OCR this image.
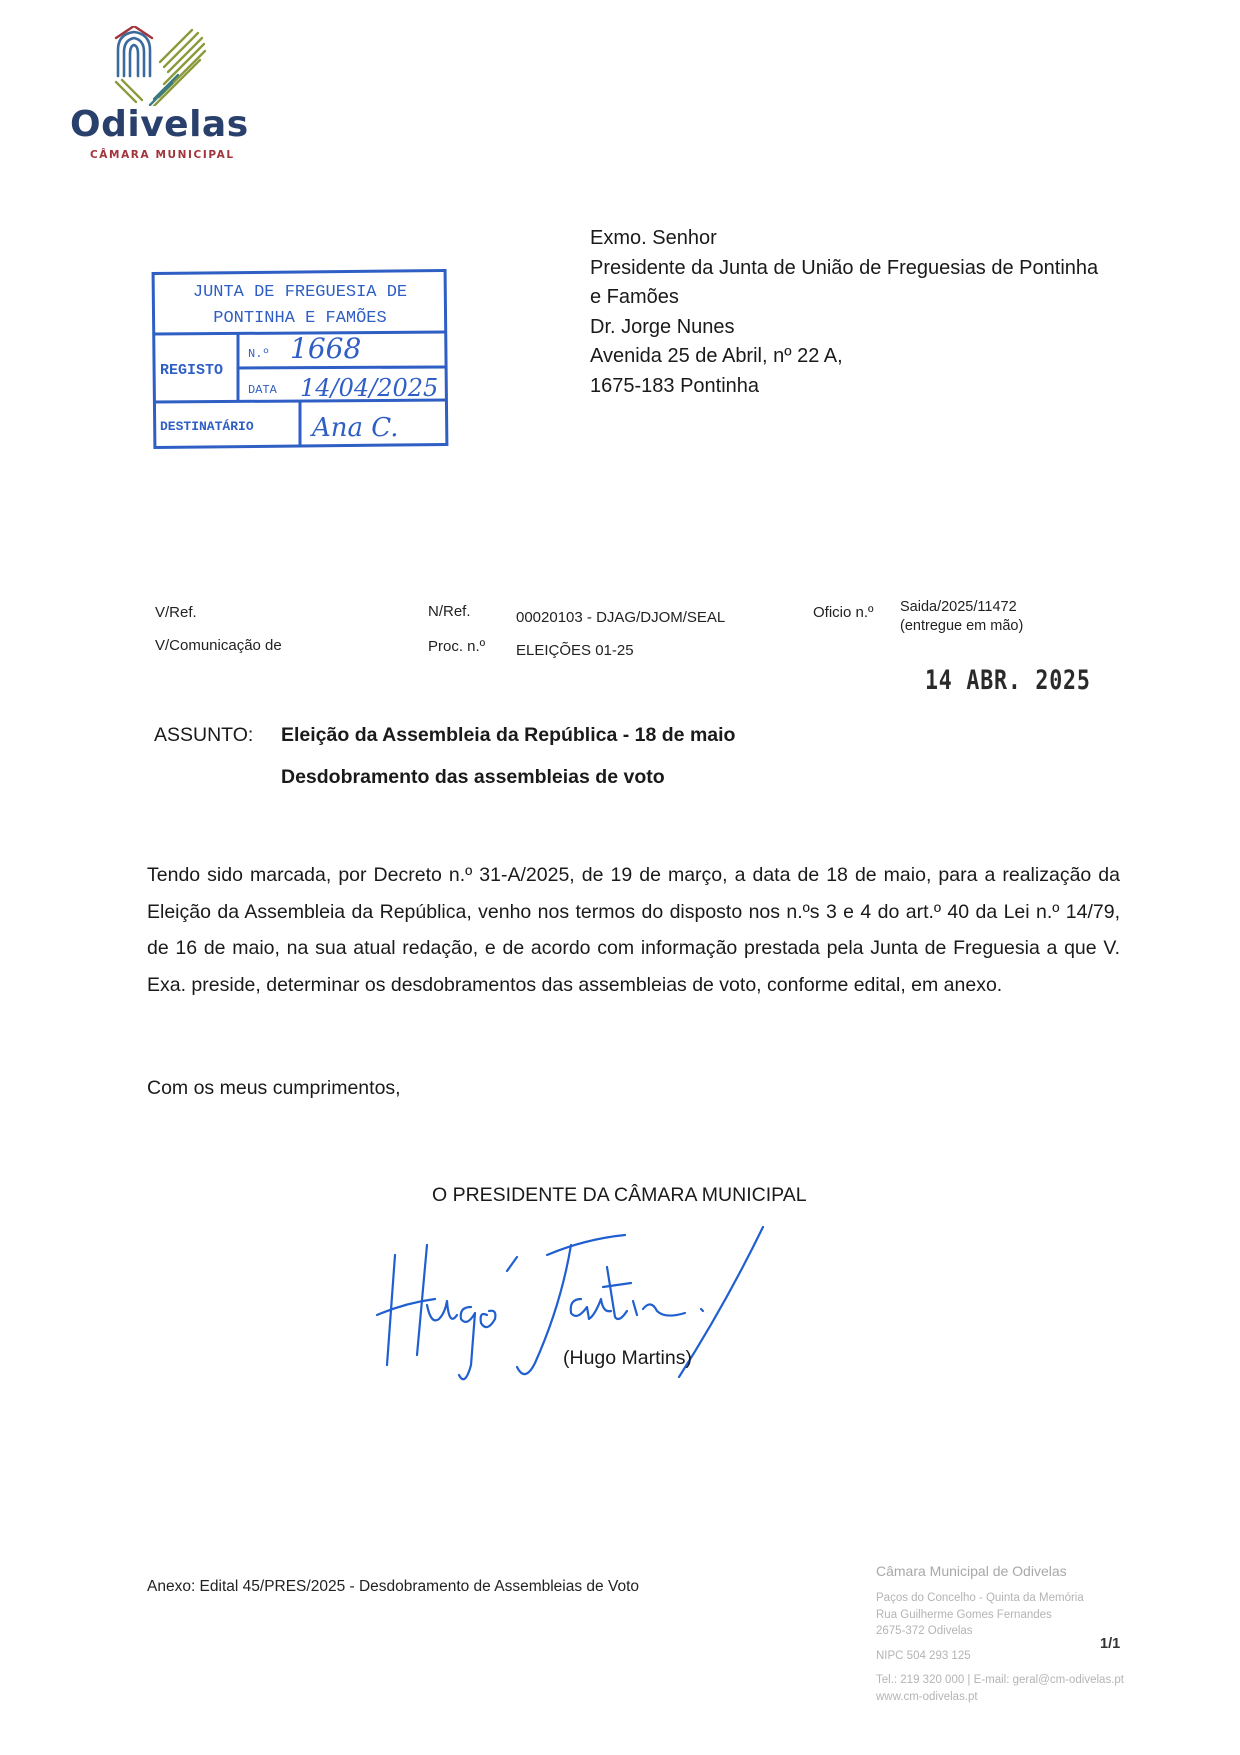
Odivelas
CÂMARA MUNICIPAL
Exmo. Senhor
Presidente da Junta de União de Freguesias de Pontinha
e Famões
Dr. Jorge Nunes
Avenida 25 de Abril, nº 22 A,
1675-183 Pontinha
JUNTA DE FREGUESIA DE
PONTINHA E FAMÕES
REGISTO
N.º
DATA
DESTINATÁRIO
1668
14/04/2025
Ana C.
V/Ref.
V/Comunicação de
N/Ref.	00020103 - DJAG/DJOM/SEAL
Proc. n.º ELEIÇÕES 01-25
Oficio n.º Saida/2025/11472
(entregue em mão)
14 ABR. 2025
ASSUNTO: Eleição da Assembleia da República - 18 de maio
Desdobramento das assembleias de voto
Tendo sido marcada, por Decreto n.º 31-A/2025, de 19 de março, a data de 18 de maio, para a realização da Eleição da Assembleia da República, venho nos termos do disposto nos n.ºs 3 e 4 do art.º 40 da Lei n.º 14/79, de 16 de maio, na sua atual redação, e de acordo com informação prestada pela Junta de Freguesia a que V. Exa. preside, determinar os desdobramentos das assembleias de voto, conforme edital, em anexo.
Com os meus cumprimentos,
O PRESIDENTE DA CÂMARA MUNICIPAL
(Hugo Martins)
Anexo: Edital 45/PRES/2025 - Desdobramento de Assembleias de Voto
Câmara Municipal de Odivelas
Paços do Concelho - Quinta da Memória
Rua Guilherme Gomes Fernandes
2675-372 Odivelas
NIPC 504 293 125
Tel.: 219 320 000 | E-mail: geral@cm-odivelas.pt
www.cm-odivelas.pt
1/1
